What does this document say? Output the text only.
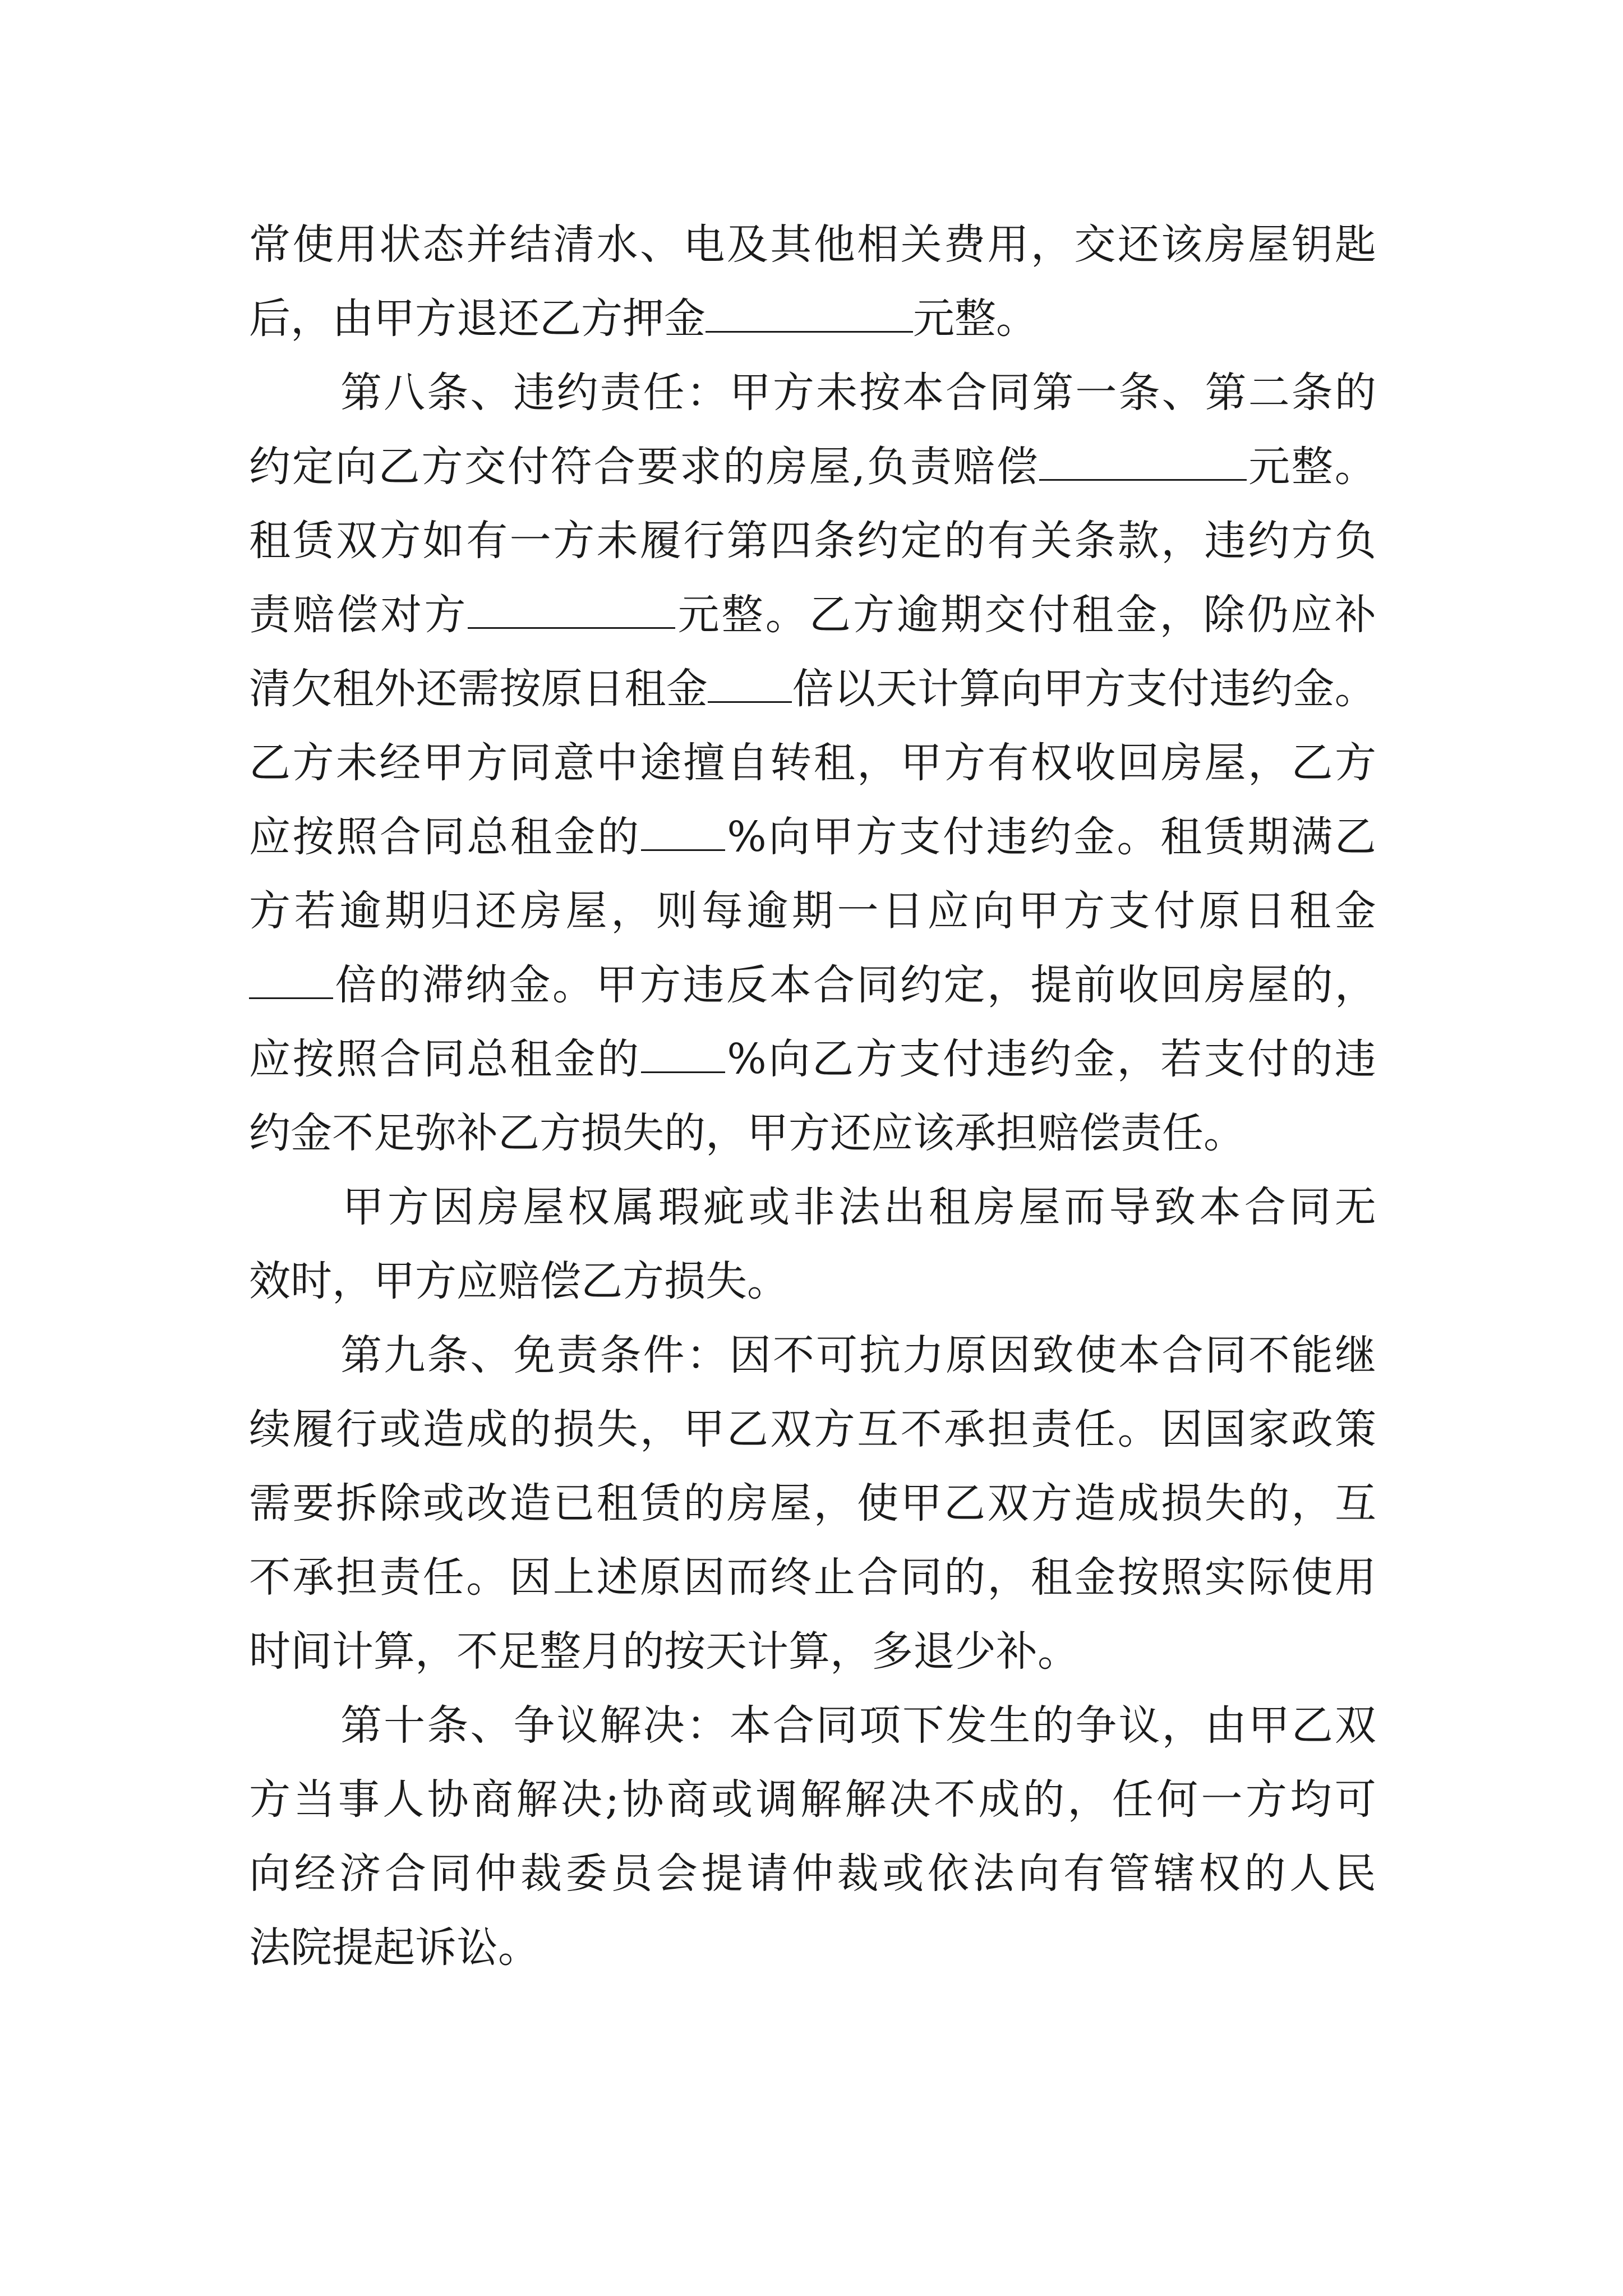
常 使 用 状 态 并 结 清 水 、 电 及 其 他 相 关 费 用 ， 交 还 该 房 屋 钥 匙
后，由甲方退还乙方押金	元整。
第 八 条 、 违 约 责 任 ： 甲 方 未 按 本 合 同 第 一 条 、 第 二 条 的
约 定 向 乙 方 交 付 符 合 要 求 的 房 屋 , 负 责 赔 偿	元 整 。
租 赁 双 方 如 有 一 方 未 履 行 第 四 条 约 定 的 有 关 条 款 ， 违 约 方 负
责 赔 偿 对 方	元 整 。 乙 方 逾 期 交 付 租 金 ， 除 仍 应 补
清 欠 租 外 还 需 按 原 日 租 金 倍 以 天 计 算 向 甲 方 支 付 违 约 金 。
乙 方 未 经 甲 方 同 意 中 途 擅 自 转 租 ， 甲 方 有 权 收 回 房 屋 ， 乙 方
应 按 照 合 同 总 租 金 的 % 向 甲 方 支 付 违 约 金 。 租 赁 期 满 乙
方 若 逾 期 归 还 房 屋 ， 则 每 逾 期 一 日 应 向 甲 方 支 付 原 日 租 金
倍 的 滞 纳 金 。 甲 方 违 反 本 合 同 约 定 ， 提 前 收 回 房 屋 的 ，
应 按 照 合 同 总 租 金 的 % 向 乙 方 支 付 违 约 金 ， 若 支 付 的 违
约金不足弥补乙方损失的，甲方还应该承担赔偿责任。
甲 方 因 房 屋 权 属 瑕 疵 或 非 法 出 租 房 屋 而 导 致 本 合 同 无
效时，甲方应赔偿乙方损失。
第 九 条 、 免 责 条 件 ： 因 不 可 抗 力 原 因 致 使 本 合 同 不 能 继
续 履 行 或 造 成 的 损 失 ， 甲 乙 双 方 互 不 承 担 责 任 。 因 国 家 政 策
需 要 拆 除 或 改 造 已 租 赁 的 房 屋 ， 使 甲 乙 双 方 造 成 损 失 的 ， 互
不 承 担 责 任 。 因 上 述 原 因 而 终 止 合 同 的 ， 租 金 按 照 实 际 使 用
时间计算，不足整月的按天计算，多退少补。
第 十 条 、 争 议 解 决 ： 本 合 同 项 下 发 生 的 争 议 ， 由 甲 乙 双
方 当 事 人 协 商 解 决 ; 协 商 或 调 解 解 决 不 成 的 ， 任 何 一 方 均 可
向 经 济 合 同 仲 裁 委 员 会 提 请 仲 裁 或 依 法 向 有 管 辖 权 的 人 民
法院提起诉讼。
